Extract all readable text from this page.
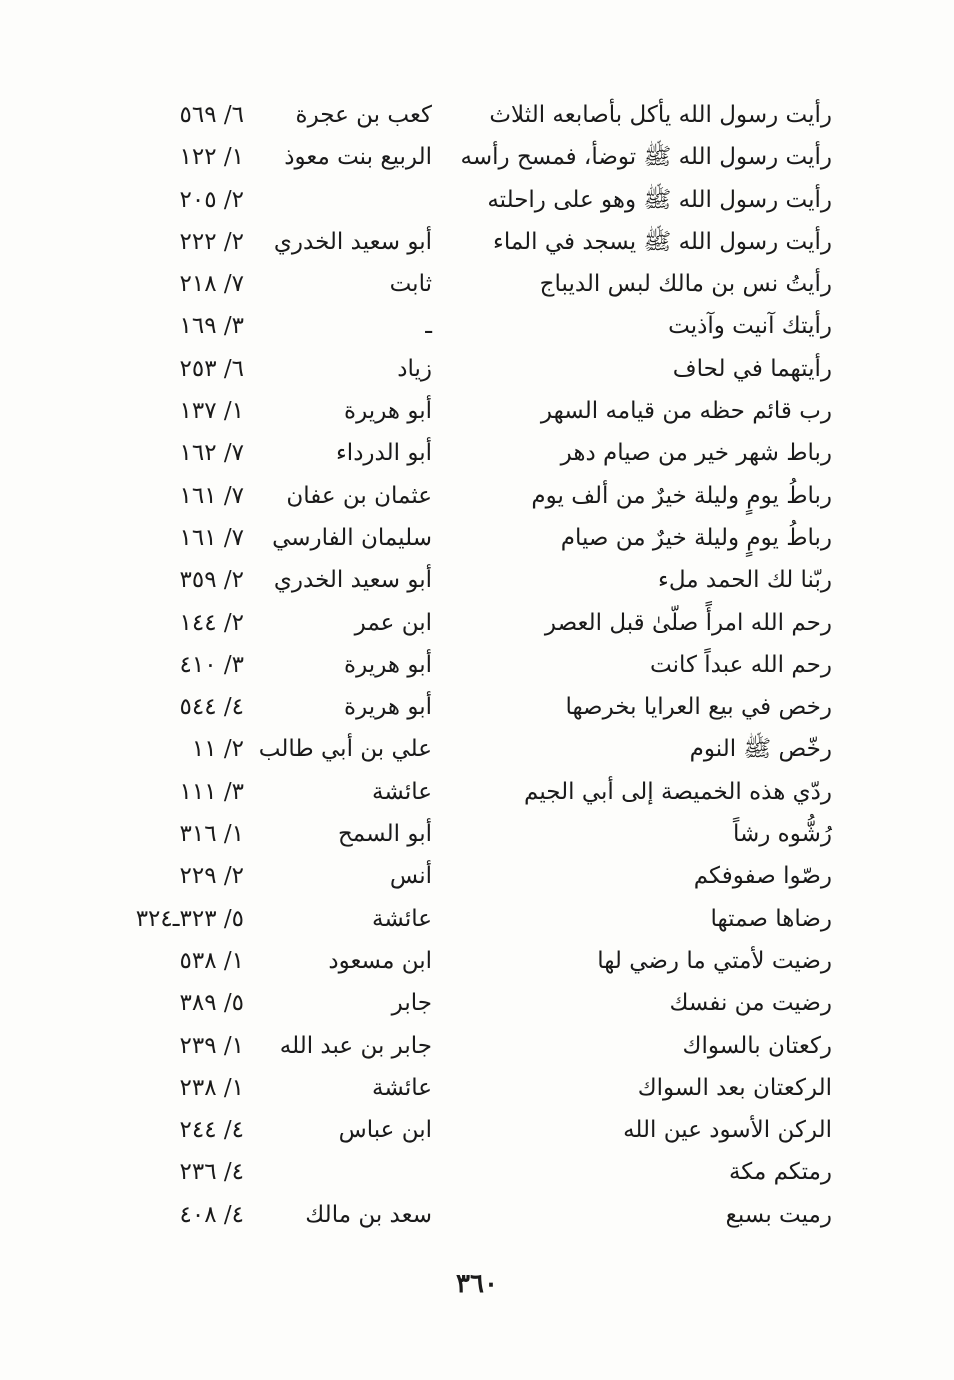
رأيت رسول الله يأكل بأصابعه الثلاث
كعب بن عجرة
٦/ ٥٦٩
رأيت رسول الله ﷺ توضأ، فمسح رأسه
الربيع بنت معوذ
١/ ١٢٢
رأيت رسول الله ﷺ وهو على راحلته
٢/ ٢٠٥
رأيت رسول الله ﷺ يسجد في الماء
أبو سعيد الخدري
٢/ ٢٢٢
رأيتُ نس بن مالك لبس الديباج
ثابت
٧/ ٢١٨
رأيتك آنيت وآذيت
ـ
٣/ ١٦٩
رأيتهما في لحاف
زياد
٦/ ٢٥٣
رب قائم حظه من قيامه السهر
أبو هريرة
١/ ١٣٧
رباط شهر خير من صيام دهر
أبو الدرداء
٧/ ١٦٢
رباطُ يومٍ وليلة خيرٌ من ألف يوم
عثمان بن عفان
٧/ ١٦١
رباطُ يومٍ وليلة خيرٌ من صيام
سليمان الفارسي
٧/ ١٦١
ربّنا لك الحمد ملء
أبو سعيد الخدري
٢/ ٣٥٩
رحم الله امرأً صلّىٰ قبل العصر
ابن عمر
٢/ ١٤٤
رحم الله عبداً كانت
أبو هريرة
٣/ ٤١٠
رخص في بيع العرايا بخرصها
أبو هريرة
٤/ ٥٤٤
رخّص ﷺ النوم
علي بن أبي طالب
٢/ ١١
ردّي هذه الخميصة إلى أبي الجيم
عائشة
٣/ ١١١
رُشُّوه رشاً
أبو السمح
١/ ٣١٦
رصّوا صفوفكم
أنس
٢/ ٢٢٩
رضاها صمتها
عائشة
٥/ ٣٢٣ـ٣٢٤
رضيت لأمتي ما رضي لها
ابن مسعود
١/ ٥٣٨
رضيت من نفسك
جابر
٥/ ٣٨٩
ركعتان بالسواك
جابر بن عبد الله
١/ ٢٣٩
الركعتان بعد السواك
عائشة
١/ ٢٣٨
الركن الأسود عين الله
ابن عباس
٤/ ٢٤٤
رمتكم مكة
٤/ ٢٣٦
رميت بسبع
سعد بن مالك
٤/ ٤٠٨
٣٦٠
